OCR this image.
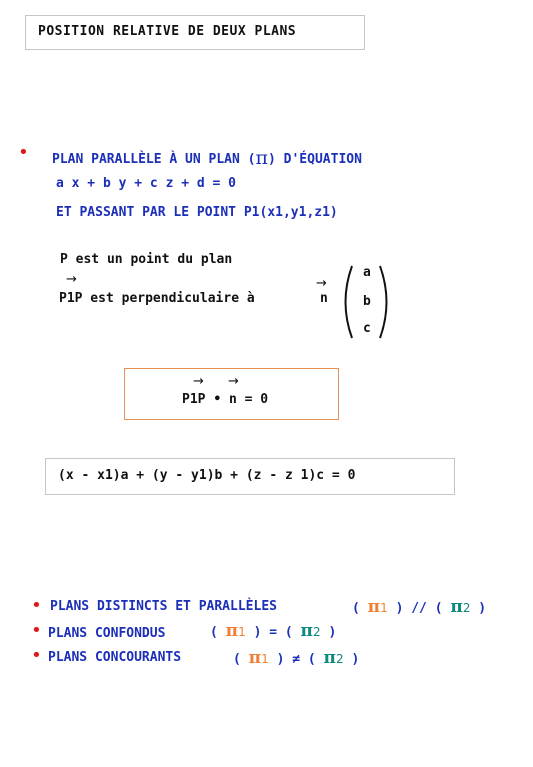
POSITION RELATIVE DE DEUX PLANS
• PLAN PARALLÈLE À UN PLAN (π) D'ÉQUATION
a x + b y + c z + d = 0
ET PASSANT PAR LE POINT P1(x1,y1,z1)
P est un point du plan
→
P1P est perpendiculaire à
→
n
a
b
c
→ →
P1P • n = 0
(x - x1)a + (y - y1)b + (z - z 1)c = 0
• PLANS DISTINCTS ET PARALLÈLES	( π1 ) // ( π2 )
• PLANS CONFONDUS	( π1 ) = ( π2 )
• PLANS CONCOURANTS	( π1 ) ≠ ( π2 )
